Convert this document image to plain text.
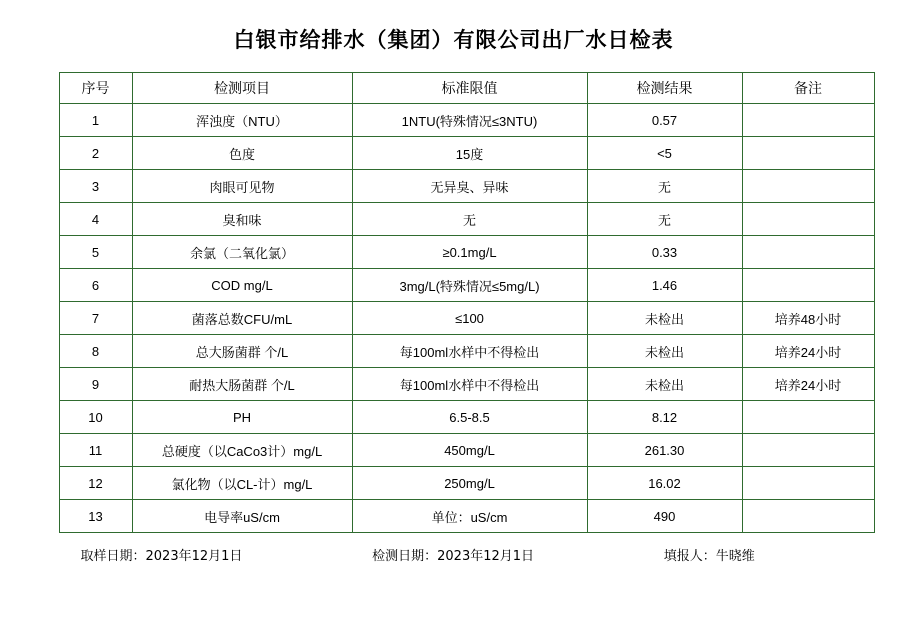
白银市给排水（集团）有限公司出厂水日检表
序号	检测项目	标准限值	检测结果	备注
1	浑浊度（NTU）	1NTU(特殊情况≤3NTU)	0.57	
2	色度	15度	<5	
3	肉眼可见物	无异臭、异味	无	
4	臭和味	无	无	
5	余氯（二氧化氯）	≥0.1mg/L	0.33	
6	COD mg/L	3mg/L(特殊情况≤5mg/L)	1.46	
7	菌落总数CFU/mL	≤100	未检出	培养48小时
8	总大肠菌群 个/L	每100ml水样中不得检出	未检出	培养24小时
9	耐热大肠菌群 个/L	每100ml水样中不得检出	未检出	培养24小时
10	PH	6.5-8.5	8.12	
11	总硬度（以CaCo3计）mg/L	450mg/L	261.30	
12	氯化物（以CL-计）mg/L	250mg/L	16.02	
13	电导率uS/cm	单位：uS/cm	490	
取样日期：2023年12月1日	检测日期：2023年12月1日	填报人：牛晓维
